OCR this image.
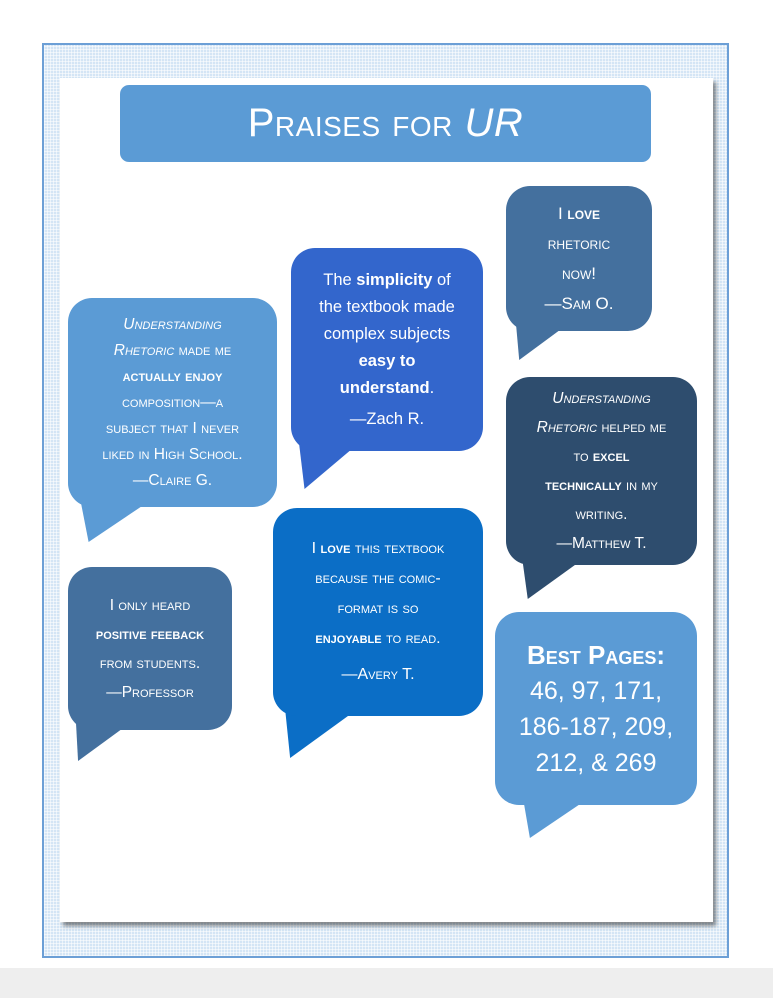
Praises for UR
Understanding
Rhetoric made me
actually enjoy
composition—a
subject that I never
liked in High School.
—Claire G.
The simplicity of
the textbook made
complex subjects
easy to
understand.
—Zach R.
I love
rhetoric
now!
—Sam O.
Understanding
Rhetoric helped me
to excel
technically in my
writing.
—Matthew T.
I only heard
positive feeback
from students.
—Professor
I love this textbook
because the comic-
format is so
enjoyable to read.
—Avery T.
Best Pages:
46, 97, 171,
186-187, 209,
212, & 269
